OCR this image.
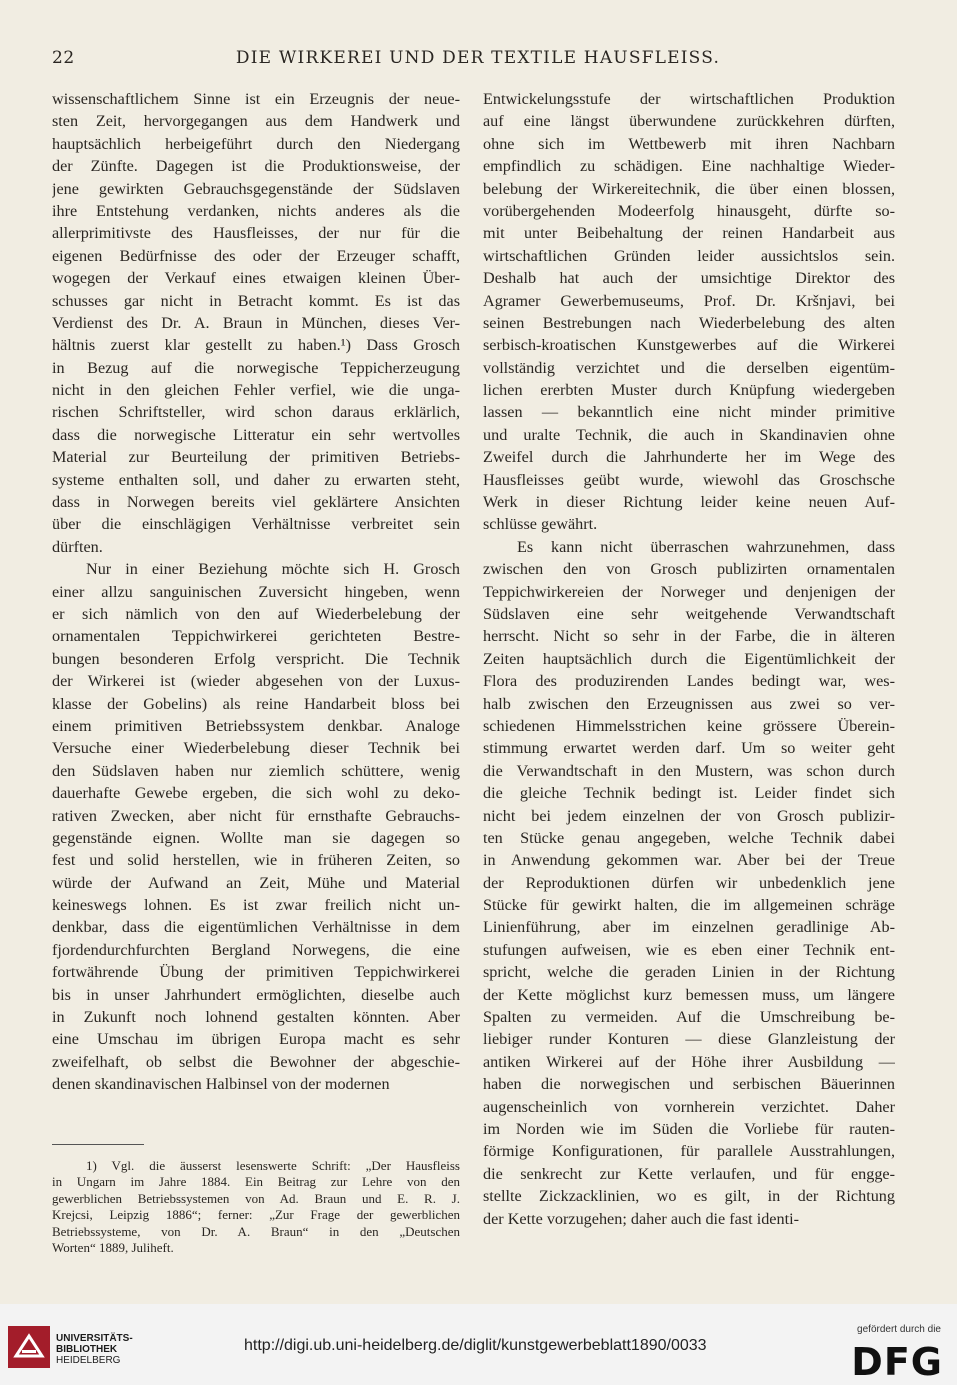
22	DIE WIRKEREI UND DER TEXTILE HAUSFLEISS.
wissenschaftlichem Sinne ist ein Erzeugnis der neue-
sten Zeit, hervorgegangen aus dem Handwerk und
hauptsächlich herbeigeführt durch den Niedergang
der Zünfte. Dagegen ist die Produktionsweise, der
jene gewirkten Gebrauchsgegenstände der Südslaven
ihre Entstehung verdanken, nichts anderes als die
allerprimitivste des Hausfleisses, der nur für die
eigenen Bedürfnisse des oder der Erzeuger schafft,
wogegen der Verkauf eines etwaigen kleinen Über-
schusses gar nicht in Betracht kommt. Es ist das
Verdienst des Dr. A. Braun in München, dieses Ver-
hältnis zuerst klar gestellt zu haben.¹) Dass Grosch
in Bezug auf die norwegische Teppicherzeugung
nicht in den gleichen Fehler verfiel, wie die unga-
rischen Schriftsteller, wird schon daraus erklärlich,
dass die norwegische Litteratur ein sehr wertvolles
Material zur Beurteilung der primitiven Betriebs-
systeme enthalten soll, und daher zu erwarten steht,
dass in Norwegen bereits viel geklärtere Ansichten
über die einschlägigen Verhältnisse verbreitet sein
dürften.
Nur in einer Beziehung möchte sich H. Grosch
einer allzu sanguinischen Zuversicht hingeben, wenn
er sich nämlich von den auf Wiederbelebung der
ornamentalen Teppichwirkerei gerichteten Bestre-
bungen besonderen Erfolg verspricht. Die Technik
der Wirkerei ist (wieder abgesehen von der Luxus-
klasse der Gobelins) als reine Handarbeit bloss bei
einem primitiven Betriebssystem denkbar. Analoge
Versuche einer Wiederbelebung dieser Technik bei
den Südslaven haben nur ziemlich schüttere, wenig
dauerhafte Gewebe ergeben, die sich wohl zu deko-
rativen Zwecken, aber nicht für ernsthafte Gebrauchs-
gegenstände eignen. Wollte man sie dagegen so
fest und solid herstellen, wie in früheren Zeiten, so
würde der Aufwand an Zeit, Mühe und Material
keineswegs lohnen. Es ist zwar freilich nicht un-
denkbar, dass die eigentümlichen Verhältnisse in dem
fjordendurchfurchten Bergland Norwegens, die eine
fortwährende Übung der primitiven Teppichwirkerei
bis in unser Jahrhundert ermöglichten, dieselbe auch
in Zukunft noch lohnend gestalten könnten. Aber
eine Umschau im übrigen Europa macht es sehr
zweifelhaft, ob selbst die Bewohner der abgeschie-
denen skandinavischen Halbinsel von der modernen
Entwickelungsstufe der wirtschaftlichen Produktion
auf eine längst überwundene zurückkehren dürften,
ohne sich im Wettbewerb mit ihren Nachbarn
empfindlich zu schädigen. Eine nachhaltige Wieder-
belebung der Wirkereitechnik, die über einen blossen,
vorübergehenden Modeerfolg hinausgeht, dürfte so-
mit unter Beibehaltung der reinen Handarbeit aus
wirtschaftlichen Gründen leider aussichtslos sein.
Deshalb hat auch der umsichtige Direktor des
Agramer Gewerbemuseums, Prof. Dr. Kršnjavi, bei
seinen Bestrebungen nach Wiederbelebung des alten
serbisch-kroatischen Kunstgewerbes auf die Wirkerei
vollständig verzichtet und die derselben eigentüm-
lichen ererbten Muster durch Knüpfung wiedergeben
lassen — bekanntlich eine nicht minder primitive
und uralte Technik, die auch in Skandinavien ohne
Zweifel durch die Jahrhunderte her im Wege des
Hausfleisses geübt wurde, wiewohl das Groschsche
Werk in dieser Richtung leider keine neuen Auf-
schlüsse gewährt.
Es kann nicht überraschen wahrzunehmen, dass
zwischen den von Grosch publizirten ornamentalen
Teppichwirkereien der Norweger und denjenigen der
Südslaven eine sehr weitgehende Verwandtschaft
herrscht. Nicht so sehr in der Farbe, die in älteren
Zeiten hauptsächlich durch die Eigentümlichkeit der
Flora des produzirenden Landes bedingt war, wes-
halb zwischen den Erzeugnissen aus zwei so ver-
schiedenen Himmelsstrichen keine grössere Überein-
stimmung erwartet werden darf. Um so weiter geht
die Verwandtschaft in den Mustern, was schon durch
die gleiche Technik bedingt ist. Leider findet sich
nicht bei jedem einzelnen der von Grosch publizir-
ten Stücke genau angegeben, welche Technik dabei
in Anwendung gekommen war. Aber bei der Treue
der Reproduktionen dürfen wir unbedenklich jene
Stücke für gewirkt halten, die im allgemeinen schräge
Linienführung, aber im einzelnen geradlinige Ab-
stufungen aufweisen, wie es eben einer Technik ent-
spricht, welche die geraden Linien in der Richtung
der Kette möglichst kurz bemessen muss, um längere
Spalten zu vermeiden. Auf die Umschreibung be-
liebiger runder Konturen — diese Glanzleistung der
antiken Wirkerei auf der Höhe ihrer Ausbildung —
haben die norwegischen und serbischen Bäuerinnen
augenscheinlich von vornherein verzichtet. Daher
im Norden wie im Süden die Vorliebe für rauten-
förmige Konfigurationen, für parallele Ausstrahlungen,
die senkrecht zur Kette verlaufen, und für engge-
stellte Zickzacklinien, wo es gilt, in der Richtung
der Kette vorzugehen; daher auch die fast identi-
1) Vgl. die äusserst lesenswerte Schrift: „Der Hausfleiss
in Ungarn im Jahre 1884. Ein Beitrag zur Lehre von den
gewerblichen Betriebssystemen von Ad. Braun und E. R. J.
Krejcsi, Leipzig 1886“; ferner: „Zur Frage der gewerblichen
Betriebssysteme, von Dr. A. Braun“ in den „Deutschen
Worten“ 1889, Juliheft.
UNIVERSITÄTS-
BIBLIOTHEK
HEIDELBERG
http://digi.ub.uni-heidelberg.de/diglit/kunstgewerbeblatt1890/0033
gefördert durch die
DFG
